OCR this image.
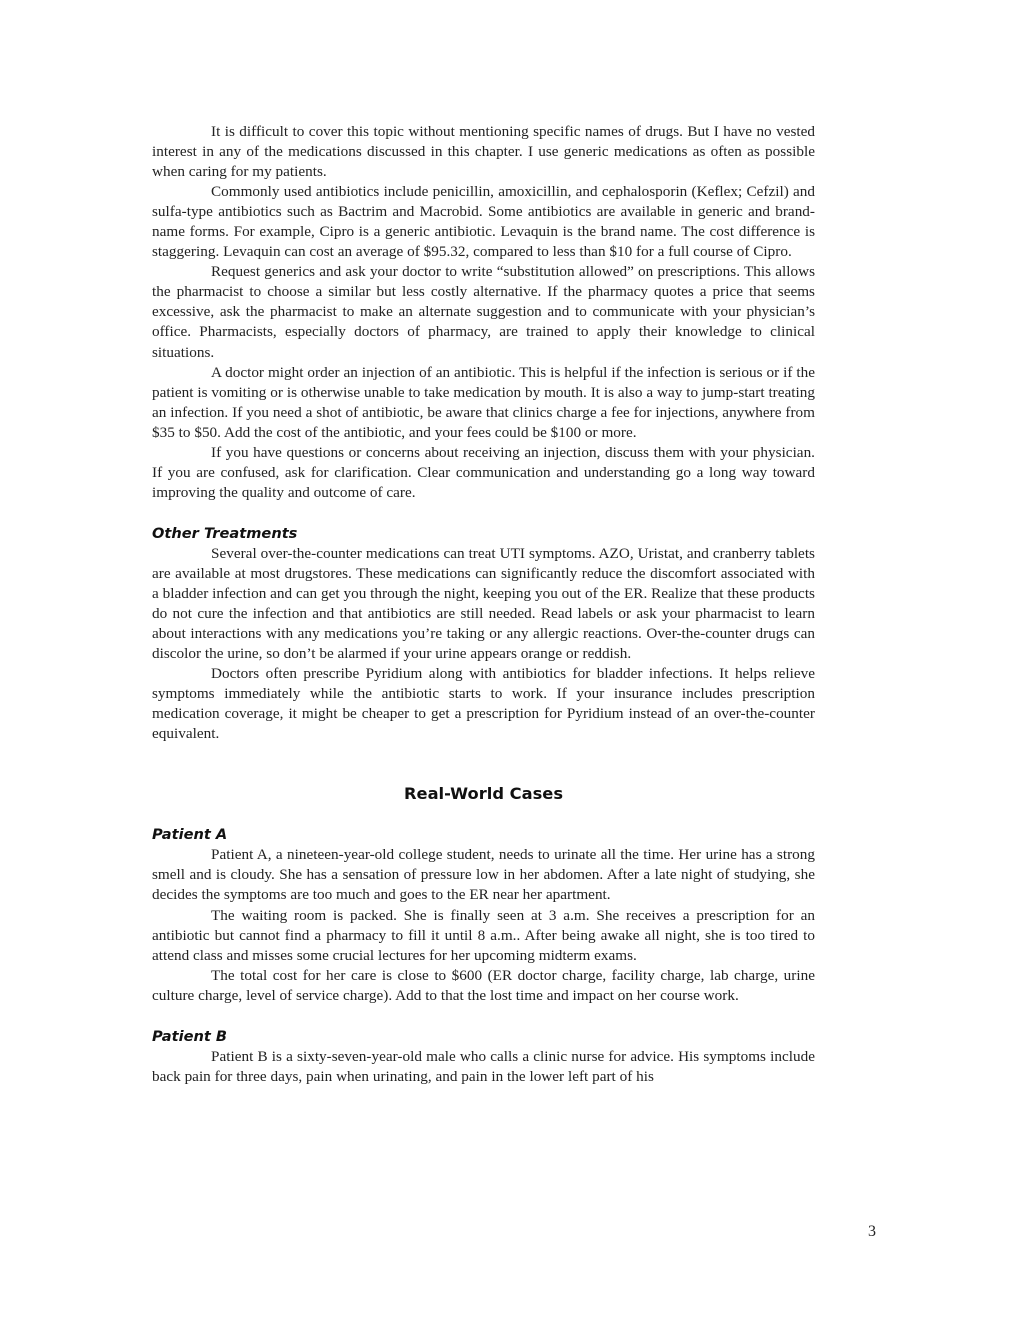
It is difficult to cover this topic without mentioning specific names of drugs. But I have no vested interest in any of the medications discussed in this chapter. I use generic medications as often as possible when caring for my patients.

Commonly used antibiotics include penicillin, amoxicillin, and cephalosporin (Keflex; Cefzil) and sulfa-type antibiotics such as Bactrim and Macrobid. Some antibiotics are available in generic and brand-name forms. For example, Cipro is a generic antibiotic. Levaquin is the brand name. The cost difference is staggering. Levaquin can cost an average of $95.32, compared to less than $10 for a full course of Cipro.

Request generics and ask your doctor to write “substitution allowed” on prescriptions. This allows the pharmacist to choose a similar but less costly alternative. If the pharmacy quotes a price that seems excessive, ask the pharmacist to make an alternate suggestion and to communicate with your physician’s office. Pharmacists, especially doctors of pharmacy, are trained to apply their knowledge to clinical situations.

A doctor might order an injection of an antibiotic. This is helpful if the infection is serious or if the patient is vomiting or is otherwise unable to take medication by mouth. It is also a way to jump-start treating an infection. If you need a shot of antibiotic, be aware that clinics charge a fee for injections, anywhere from $35 to $50. Add the cost of the antibiotic, and your fees could be $100 or more.

If you have questions or concerns about receiving an injection, discuss them with your physician. If you are confused, ask for clarification. Clear communication and understanding go a long way toward improving the quality and outcome of care.

Other Treatments

Several over-the-counter medications can treat UTI symptoms. AZO, Uristat, and cranberry tablets are available at most drugstores. These medications can significantly reduce the discomfort associated with a bladder infection and can get you through the night, keeping you out of the ER. Realize that these products do not cure the infection and that antibiotics are still needed. Read labels or ask your pharmacist to learn about interactions with any medications you’re taking or any allergic reactions. Over-the-counter drugs can discolor the urine, so don’t be alarmed if your urine appears orange or reddish.

Doctors often prescribe Pyridium along with antibiotics for bladder infections. It helps relieve symptoms immediately while the antibiotic starts to work. If your insurance includes prescription medication coverage, it might be cheaper to get a prescription for Pyridium instead of an over-the-counter equivalent.

Real-World Cases
Patient A

Patient A, a nineteen-year-old college student, needs to urinate all the time. Her urine has a strong smell and is cloudy. She has a sensation of pressure low in her abdomen. After a late night of studying, she decides the symptoms are too much and goes to the ER near her apartment.

The waiting room is packed. She is finally seen at 3 a.m. She receives a prescription for an antibiotic but cannot find a pharmacy to fill it until 8 a.m.. After being awake all night, she is too tired to attend class and misses some crucial lectures for her upcoming midterm exams.

The total cost for her care is close to $600 (ER doctor charge, facility charge, lab charge, urine culture charge, level of service charge). Add to that the lost time and impact on her course work.

Patient B

Patient B is a sixty-seven-year-old male who calls a clinic nurse for advice. His symptoms include back pain for three days, pain when urinating, and pain in the lower left part of his

3
